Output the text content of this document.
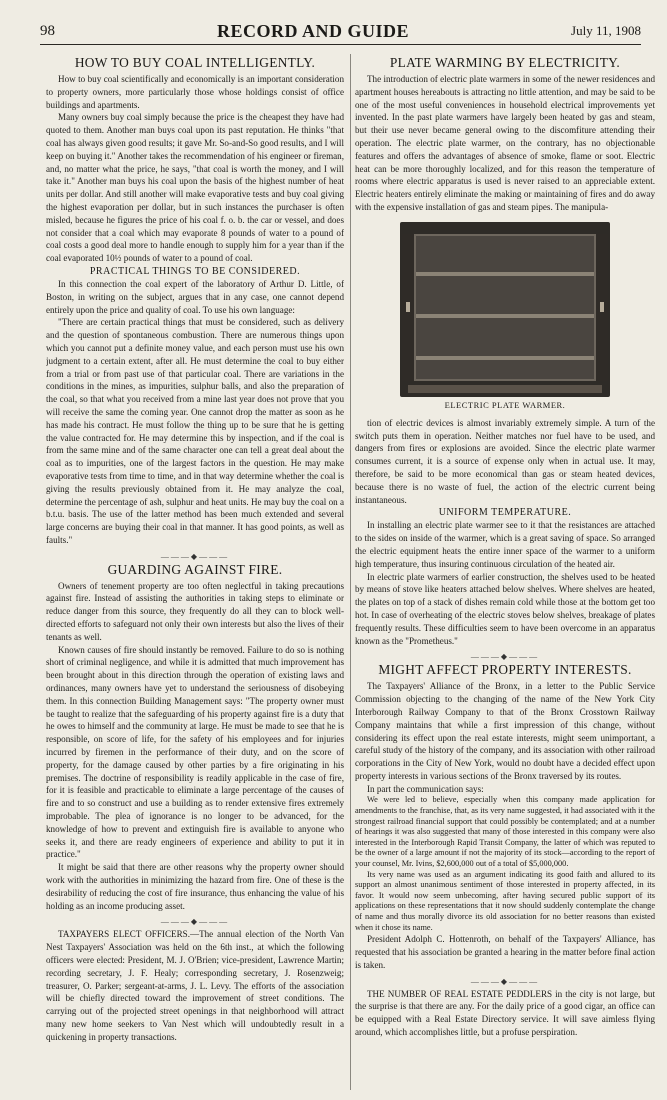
98	RECORD AND GUIDE	July 11, 1908
HOW TO BUY COAL INTELLIGENTLY.

How to buy coal scientifically and economically is an important consideration to property owners, more particularly those whose holdings consist of office buildings and apartments.

Many owners buy coal simply because the price is the cheapest they have had quoted to them. Another man buys coal upon its past reputation. He thinks "that coal has always given good results; it gave Mr. So-and-So good results, and I will keep on buying it." Another takes the recommendation of his engineer or fireman, and, no matter what the price, he says, "that coal is worth the money, and I will take it." Another man buys his coal upon the basis of the highest number of heat units per dollar. And still another will make evaporative tests and buy coal giving the highest evaporation per dollar, but in such instances the purchaser is often misled, because he figures the price of his coal f. o. b. the car or vessel, and does not consider that a coal which may evaporate 8 pounds of water to a pound of coal costs a good deal more to handle enough to supply him for a year than if the coal evaporated 10½ pounds of water to a pound of coal.

PRACTICAL THINGS TO BE CONSIDERED.

In this connection the coal expert of the laboratory of Arthur D. Little, of Boston, in writing on the subject, argues that in any case, one cannot depend entirely upon the price and quality of coal. To use his own language:

"There are certain practical things that must be considered, such as delivery and the question of spontaneous combustion. There are numerous things upon which you cannot put a definite money value, and each person must use his own judgment to a certain extent, after all. He must determine the coal to buy either from a trial or from past use of that particular coal. There are variations in the conditions in the mines, as impurities, sulphur balls, and also the preparation of the coal, so that what you received from a mine last year does not prove that you will receive the same the coming year. One cannot drop the matter as soon as he has made his contract. He must follow the thing up to be sure that he is getting the value contracted for. He may determine this by inspection, and if the coal is from the same mine and of the same character one can tell a great deal about the coal as to impurities, one of the largest factors in the question. He may make evaporative tests from time to time, and in that way determine whether the coal is giving the results previously obtained from it. He may analyze the coal, determine the percentage of ash, sulphur and heat units. He may buy the coal on a b.t.u. basis. The use of the latter method has been much extended and several large concerns are buying their coal in that manner. It has good points, as well as faults."

———◆———
GUARDING AGAINST FIRE.

Owners of tenement property are too often neglectful in taking precautions against fire. Instead of assisting the authorities in taking steps to eliminate or reduce danger from this source, they frequently do all they can to block well-directed efforts to safeguard not only their own interests but also the lives of their tenants as well.

Known causes of fire should instantly be removed. Failure to do so is nothing short of criminal negligence, and while it is admitted that much improvement has been brought about in this direction through the operation of existing laws and ordinances, many owners have yet to understand the seriousness of disobeying them. In this connection Building Management says: "The property owner must be taught to realize that the safeguarding of his property against fire is a duty that he owes to himself and the community at large. He must be made to see that he is responsible, on score of life, for the safety of his employees and for injuries incurred by firemen in the performance of their duty, and on the score of property, for the damage caused by other parties by a fire originating in his premises. The doctrine of responsibility is readily applicable in the case of fire, for it is feasible and practicable to eliminate a large percentage of the causes of fire and to so construct and use a building as to render extensive fires extremely improbable. The plea of ignorance is no longer to be advanced, for the knowledge of how to prevent and extinguish fire is available to anyone who seeks it, and there are ready engineers of experience and ability to put it in practice."

It might be said that there are other reasons why the property owner should work with the authorities in minimizing the hazard from fire. One of these is the desirability of reducing the cost of fire insurance, thus enhancing the value of his holding as an income producing asset.

———◆———

TAXPAYERS ELECT OFFICERS.—The annual election of the North Van Nest Taxpayers' Association was held on the 6th inst., at which the following officers were elected: President, M. J. O'Brien; vice-president, Lawrence Martin; recording secretary, J. F. Healy; corresponding secretary, J. Rosenzweig; treasurer, O. Parker; sergeant-at-arms, J. L. Levy. The efforts of the association will be chiefly directed toward the improvement of street conditions. The carrying out of the projected street openings in that neighborhood will attract many new home seekers to Van Nest which will undoubtedly result in a quickening in property transactions.

PLATE WARMING BY ELECTRICITY.

The introduction of electric plate warmers in some of the newer residences and apartment houses hereabouts is attracting no little attention, and may be said to be one of the most useful conveniences in household electrical improvements yet invented. In the past plate warmers have largely been heated by gas and steam, but their use never became general owing to the discomfiture attending their operation. The electric plate warmer, on the contrary, has no objectionable features and offers the advantages of absence of smoke, flame or soot. Electric heat can be more thoroughly localized, and for this reason the temperature of rooms where electric apparatus is used is never raised to an appreciable extent. Electric heaters entirely eliminate the making or maintaining of fires and do away with the expensive installation of gas and steam pipes. The manipula-

ELECTRIC PLATE WARMER.

tion of electric devices is almost invariably extremely simple. A turn of the switch puts them in operation. Neither matches nor fuel have to be used, and dangers from fires or explosions are avoided. Since the electric plate warmer consumes current, it is a source of expense only when in actual use. It may, therefore, be said to be more economical than gas or steam heated devices, because there is no waste of fuel, the action of the electric current being instantaneous.

UNIFORM TEMPERATURE.

In installing an electric plate warmer see to it that the resistances are attached to the sides on inside of the warmer, which is a great saving of space. So arranged the electric equipment heats the entire inner space of the warmer to a uniform high temperature, thus insuring continuous circulation of the heated air.

In electric plate warmers of earlier construction, the shelves used to be heated by means of stove like heaters attached below shelves. Where shelves are heated, the plates on top of a stack of dishes remain cold while those at the bottom get too hot. In case of overheating of the electric stoves below shelves, breakage of plates frequently results. These difficulties seem to have been overcome in an apparatus known as the "Prometheus."

———◆———
MIGHT AFFECT PROPERTY INTERESTS.

The Taxpayers' Alliance of the Bronx, in a letter to the Public Service Commission objecting to the changing of the name of the New York City Interborough Railway Company to that of the Bronx Crosstown Railway Company maintains that while a first impression of this change, without considering its effect upon the real estate interests, might seem unimportant, a careful study of the history of the company, and its association with other railroad corporations in the City of New York, would no doubt have a decided effect upon property interests in various sections of the Bronx traversed by its routes.

In part the communication says:

We were led to believe, especially when this company made application for amendments to the franchise, that, as its very name suggested, it had associated with it the strongest railroad financial support that could possibly be contemplated; and at a number of hearings it was also suggested that many of those interested in this company were also interested in the Interborough Rapid Transit Company, the latter of which was reputed to be the owner of a large amount if not the majority of its stock—according to the report of your counsel, Mr. Ivins, $2,600,000 out of a total of $5,000,000.

Its very name was used as an argument indicating its good faith and allured to its support an almost unanimous sentiment of those interested in property affected, in its favor. It would now seem unbecoming, after having secured public support of its applications on these representations that it now should suddenly contemplate the change of name and thus morally divorce its old association for no better reasons than existed when it chose its name.

President Adolph C. Hottenroth, on behalf of the Taxpayers' Alliance, has requested that his association be granted a hearing in the matter before final action is taken.

———◆———

THE NUMBER OF REAL ESTATE PEDDLERS in the city is not large, but the surprise is that there are any. For the daily price of a good cigar, an office can be equipped with a Real Estate Directory service. It will save aimless flying around, which accomplishes little, but a profuse perspiration.
